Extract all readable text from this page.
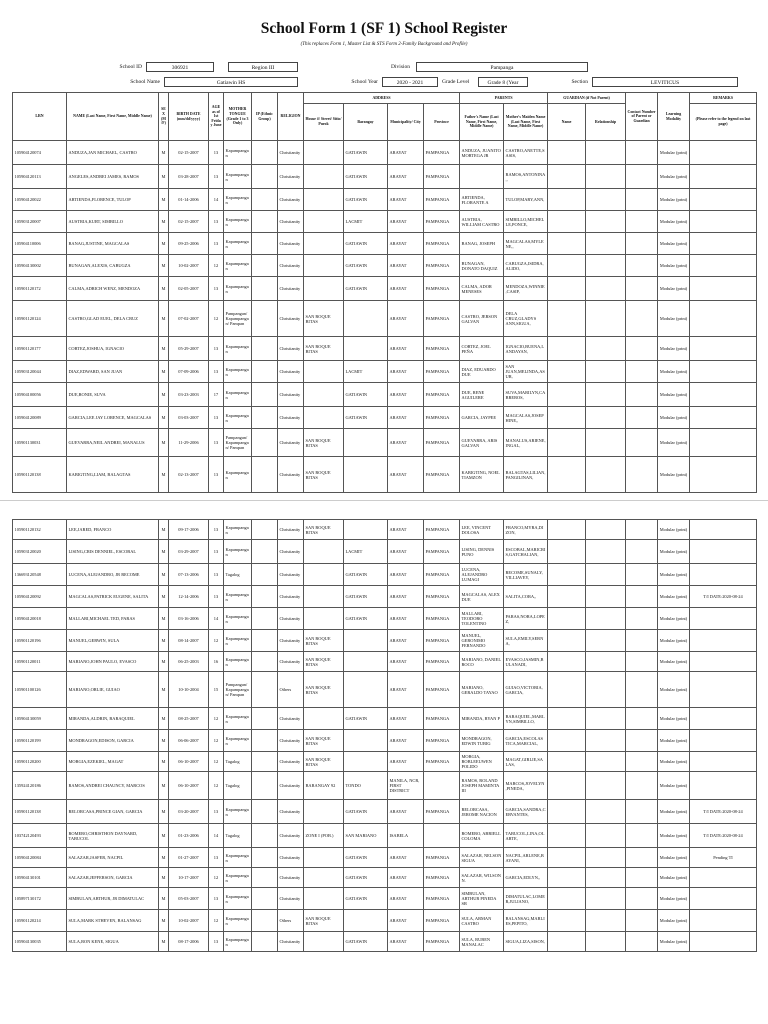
School Form 1 (SF 1) School Register
(This replaces Form 1, Master List & STS Form 2-Family Background and Profile)
School ID	306921	Region III	Division	Pampanga
School Name	Gatiawin HS	School Year	2020 - 2021	Grade Level	Grade 8 (Year	Section	LEVITICUS
LRN	NAME (Last Name, First Name, Middle Name)	SEX (M/F)	BIRTH DATE (mm/dd/yyyy)	AGE as of 1st Friday June	MOTHER TONGUE (Grade 1 to 3 Only)	IP (Ethnic Group)	RELIGION	ADDRESS				PARENTS		GUARDIAN (if Not Parent)		Contact Number of Parent or Guardian	Learning Modality	REMARKS
								House #/ Street/ Sitio/ Purok	Barangay	Municipality/ City	Province	Father's Name (Last Name, First Name, Middle Name)	Mother's Maiden Name (Last Name, First Name, Middle Name)	Name	Relationship			(Please refer to the legend on last page)
105904120074	ANDUZA,JAN MICHAEL, CASTRO	M	02-15-2007	13	Kapampangan		Christianity		GATIAWIN	ARAYAT	PAMPANGA	ANDUZA, JUANITO MORTEGA JR	CASTRO,ANETTE,SASIS,				Modular (print)	
105904120113	ANGELES,ANDREI JAMES, RAMOS	M	03-28-2007	13	Kapampangan		Christianity		GATIAWIN	ARAYAT	PAMPANGA		RAMOS,ANTONINA,,				Modular (print)	
105904120022	ARTIENDA,FLORENCE, TULOP	M	01-14-2006	14	Kapampangan		Christianity		GATIAWIN	ARAYAT	PAMPANGA	ARTIENDA, FLORANTE A	TULOP,MARY,ANN,				Modular (print)	
105903120007	AUSTRIA,KURT, SIMBILLO	M	02-15-2007	13	Kapampangan		Christianity		LACMIT	ARAYAT	PAMPANGA	AUSTRIA, WILLIAM CASTRO	SIMBILLO,MICHELLE,PONCE,				Modular (print)	
105904110006	BANAG,JUSTINE, MAGCALAS	M	09-25-2006	13	Kapampangan		Christianity		GATIAWIN	ARAYAT	PAMPANGA	BANAG, JOSEPH	MAGCALAS,MYLENE,,				Modular (print)	
105904130002	BUNAGAN,ALEXIS, CABUGZA	M	10-02-2007	12	Kapampangan		Christianity		GATIAWIN	ARAYAT	PAMPANGA	BUNAGAN, DONATO DAQUIZ	CABUGZA,ISIDRA,ALIDO,				Modular (print)	
105901120172	CALMA,ADRICH WENZ, MENDOZA	M	02-05-2007	13	Kapampangan		Christianity		GATIAWIN	ARAYAT	PAMPANGA	CALMA, ADOR MENESES	MENDOZA,WINNIE,CASIP,				Modular (print)	
105901120124	CASTRO,GLAD EUEL, DELA CRUZ	M	07-02-2007	12	Pampangan/ Kapampangan/ Pampan		Christianity	SAN ROQUE BITAS		ARAYAT	PAMPANGA	CASTRO, JERSON GALVAN	DELA CRUZ,GLADYS ANN,SIGUA,				Modular (print)	
105901120177	CORTEZ,JOSHUA, IGNACIO	M	05-29-2007	13	Kapampangan		Christianity	SAN ROQUE BITAS		ARAYAT	PAMPANGA	CORTEZ, JOEL PEÑA	IGNACIO,BUENA,LANDAYAN,				Modular (print)	
105903120044	DIAZ,EDWARD, SAN JUAN	M	07-09-2006	13	Kapampangan		Christianity		LACMIT	ARAYAT	PAMPANGA	DIAZ, EDUARDO DUE	SAN JUAN,MELINDA,ASUR,				Modular (print)	
105904100056	DUE,RONIE, SUVA	M	03-23-2003	17	Kapampangan		Christianity		GATIAWIN	ARAYAT	PAMPANGA	DUE, RENE AGUILERE	SUVA,MARILYN,CABREROS,				Modular (print)	
105904120089	GARCIA,LEE JAY LORENCE, MAGCALAS	M	03-03-2007	13	Kapampangan		Christianity		GATIAWIN	ARAYAT	PAMPANGA	GARCIA, JAYPEE	MAGCALAS,JOSEPHINE,,				Modular (print)	
105901130031	GUEVARRA,NEIL ANDREI, MANALUS	M	11-29-2006	13	Pampangan/ Kapampangan/ Pampan		Christianity	SAN ROQUE BITAS		ARAYAT	PAMPANGA	GUEVARRA, ARIS GALVAN	MANALUS,ARIENE,INGAL,				Modular (print)	
105901120138	KABIGTING,LIAM, BALAGTAS	M	02-13-2007	13	Kapampangan		Christianity	SAN ROQUE BITAS		ARAYAT	PAMPANGA	KABIGTING, NOEL TIAMZON	BALAGTAS,LILIAN,PANGILINAN,				Modular (print)	
105901120132	LEE,JARED, FRANCO	M	09-17-2006	13	Kapampangan		Christianity	SAN ROQUE BITAS		ARAYAT	PAMPANGA	LEE, VINCENT DOLOSA	FRANCO,MYRA,DIZON,				Modular (print)	
105903120020	LISING,CRIS DENNIEL, ESCOBAL	M	03-29-2007	13	Kapampangan		Christianity		LACMIT	ARAYAT	PAMPANGA	LISING, DENNIS PUNO	ESCOBAL,MARICRIS,GATCHALIAN,				Modular (print)	
136693120548	LUCENA,ALEJANDRO, JR RECOME	M	07-13-2006	13	Tagalog		Christianity		GATIAWIN	ARAYAT	PAMPANGA	LUCENA, ALEJANDRO LUMAGI	RECOME,SUNALY,VILLIAVEY,				Modular (print)	
105904120092	MAGCALAS,PATRICK EUGENE, SALITA	M	12-14-2006	13	Kapampangan		Christianity		GATIAWIN	ARAYAT	PAMPANGA	MAGCALAS, ALEX DUE	SALITA,CORA,,				Modular (print)	T/I DATE:2020-08-24
105904120018	MALLARI,MICHAEL TED, PARAS	M	03-16-2006	14	Kapampangan		Christianity		GATIAWIN	ARAYAT	PAMPANGA	MALLARI, TEODORO TOLENTINO	PARAS,NORA,LOPEZ,				Modular (print)	
105901120196	MANUEL,GERWIN, SULA	M	08-14-2007	12	Kapampangan		Christianity	SAN ROQUE BITAS		ARAYAT	PAMPANGA	MANUEL, GERONIMO FERNANDO	SULA,EMILY,SERNA,				Modular (print)	
105901120011	MARIANO,JOHN PAULO, EVASCO	M	06-25-2003	16	Kapampangan		Christianity	SAN ROQUE BITAS		ARAYAT	PAMPANGA	MARIANO, DANIEL ROCO	EVASCO,JASMIN,BULANADI,				Modular (print)	
105901100126	MARIANO,ORLIE, GUIAO	M	10-10-2004	15	Pampangan/ Kapampangan/ Pampan		Others	SAN ROQUE BITAS		ARAYAT	PAMPANGA	MARIANO, GERALDO TAYAO	GUIAO,VICTORIA,GARCIA,				Modular (print)	
105904130059	MIRANDA,ALDRIN, BARAQUIEL	M	08-25-2007	12	Kapampangan		Christianity		GATIAWIN	ARAYAT	PAMPANGA	MIRANDA, RYAN P	BARAQUIEL,MARLYN,SIMBILLO,				Modular (print)	
105901120199	MONDRAGON,EDISON, GARCIA	M	06-06-2007	12	Kapampangan		Christianity	SAN ROQUE BITAS		ARAYAT	PAMPANGA	MONDRAGON, EDWIN TUBIG	GARCIA,ESCOLASTICA,MARCIAL,				Modular (print)	
105901120200	MORGIA,EZEKIEL, MAGAT	M	06-10-2007	12	Tagalog		Christianity	SAN ROQUE BITAS		ARAYAT	PAMPANGA	MORGIA, ROBLEEUWEN POLIDO	MAGAT,GIRLIE,SALAS,				Modular (print)	
135924120186	RAMOS,ANDREI CHAUNCY, MARCOS	M	06-10-2007	12	Tagalog		Christianity	BARANGAY 92	TONDO	MANILA, NCR, FIRST DISTRICT		RAMOS, ROLAND JOSEPH MAMINTA III	MARCOS,JOVELYN,PINEDA,				Modular (print)	
105901120138	RELORCASA,PRINCE GIAN, GARCIA	M	03-20-2007	13	Kapampangan		Christianity		GATIAWIN	ARAYAT	PAMPANGA	RELORCASA, JEROME NACION	GARCIA,SANDRA,CERVANTES,				Modular (print)	T/I DATE:2020-08-24
103742120493	ROMERO,CHRISTHON DAYNARD, TABUCOL	M	01-23-2006	14	Tagalog		Christianity	ZONE I (POB.)	SAN MARIANO	ISABELA		ROMERO, ABRIELL COLOMA	TABUCOL,LINA,OLARTE,				Modular (print)	T/I DATE:2020-08-24
105904120084	SALAZAR,JASFER, NACPIL	M	01-27-2007	13	Kapampangan		Christianity		GATIAWIN	ARAYAT	PAMPANGA	SALAZAR, NELSON SIGUA	NACPIL,ARLENE,BAYANI,				Modular (print)	Pending TI
105904130101	SALAZAR,JEFFERSON, GARCIA	M	10-17-2007	12	Kapampangan		Christianity		GATIAWIN	ARAYAT	PAMPANGA	SALAZAR, WILSON N.	GARCIA,EDLYN,,				Modular (print)	
105897130172	SIMBULAN,ARTHUR, JR DIMATULAC	M	05-03-2007	13	Kapampangan		Christianity		GATIAWIN	ARAYAT	PAMPANGA	SIMBULAN, ARTHUR PINEDA SR	DIMATULAC,LOMER,JULIANO,				Modular (print)	
105901120214	SULA,MARK STHEVEN, BALANSAG	M	10-02-2007	12	Kapampangan		Others	SAN ROQUE BITAS		ARAYAT	PAMPANGA	SULA, ARMAN CASTRO	BALANSAG,MARLIES,PEPITO,				Modular (print)	
105904130035	SULA,RON KENE, SIGUA	M	08-17-2006	13	Kapampangan		Christianity		GATIAWIN	ARAYAT	PAMPANGA	SULA, RUBEN MANALAC	SIGUA,LIZA,SISON,				Modular (print)	
